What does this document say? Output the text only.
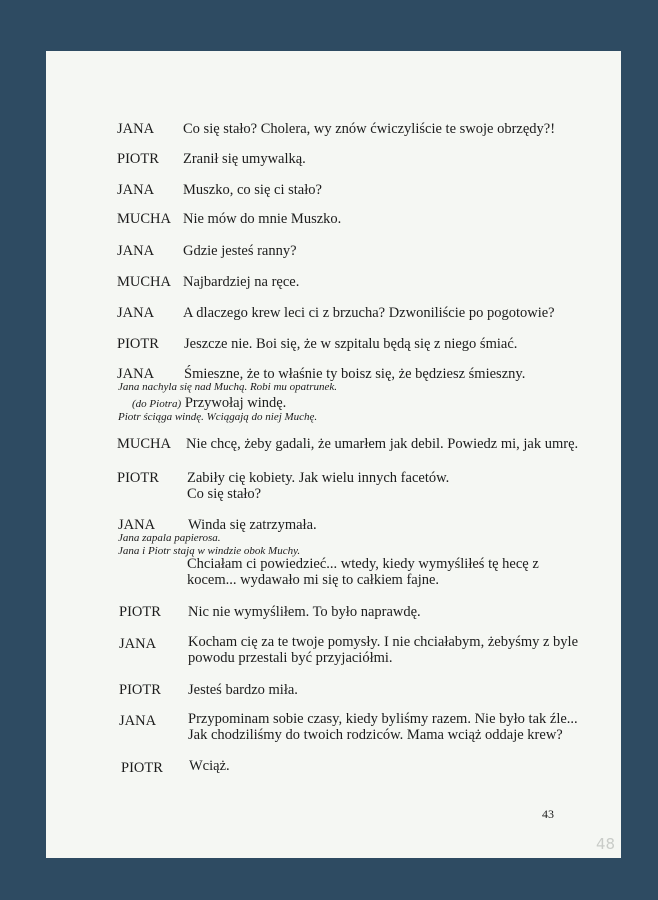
JANA Co się stało? Cholera, wy znów ćwiczyliście te swoje obrzędy?!
PIOTR Zranił się umywalką.
JANA Muszko, co się ci stało?
MUCHA Nie mów do mnie Muszko.
JANA Gdzie jesteś ranny?
MUCHA Najbardziej na ręce.
JANA A dlaczego krew leci ci z brzucha? Dzwoniliście po pogotowie?
PIOTR Jeszcze nie. Boi się, że w szpitalu będą się z niego śmiać.
JANA Śmieszne, że to właśnie ty boisz się, że będziesz śmieszny.
Jana nachyla się nad Muchą. Robi mu opatrunek.
(do Piotra) Przywołaj windę.
Piotr ściąga windę. Wciągają do niej Muchę.
MUCHA Nie chcę, żeby gadali, że umarłem jak debil. Powiedz mi, jak umrę.
PIOTR Zabiły cię kobiety. Jak wielu innych facetów.
Co się stało?
JANA Winda się zatrzymała.
Jana zapala papierosa.
Jana i Piotr stają w windzie obok Muchy.
Chciałam ci powiedzieć... wtedy, kiedy wymyśliłeś tę hecę z
kocem... wydawało mi się to całkiem fajne.
PIOTR Nic nie wymyśliłem. To było naprawdę.
JANA Kocham cię za te twoje pomysły. I nie chciałabym, żebyśmy z byle
powodu przestali być przyjaciółmi.
PIOTR Jesteś bardzo miła.
JANA Przypominam sobie czasy, kiedy byliśmy razem. Nie było tak źle...
Jak chodziliśmy do twoich rodziców. Mama wciąż oddaje krew?
PIOTR Wciąż.
43
48
